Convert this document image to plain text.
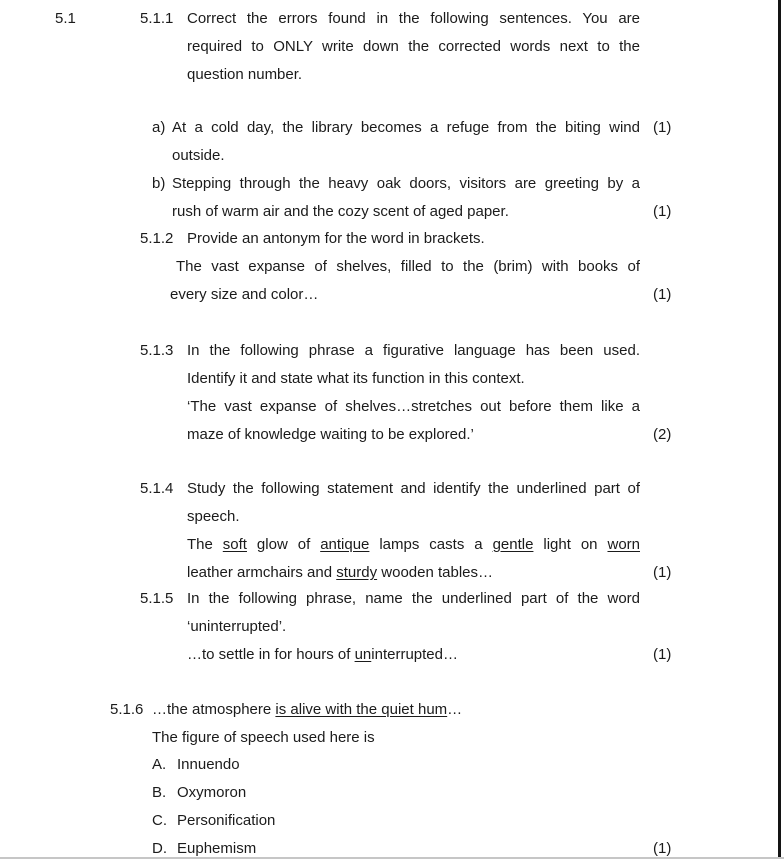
5.1	5.1.1 Correct the errors found in the following sentences. You are
required to ONLY write down the corrected words next to the
question number.
a) At a cold day, the library becomes a refuge from the biting wind (1)
outside.
b) Stepping through the heavy oak doors, visitors are greeting by a
rush of warm air and the cozy scent of aged paper.	(1)
5.1.2 Provide an antonym for the word in brackets.
The vast expanse of shelves, filled to the (brim) with books of
every size and color…	(1)
5.1.3 In the following phrase a figurative language has been used.
Identify it and state what its function in this context.
‘The vast expanse of shelves…stretches out before them like a
maze of knowledge waiting to be explored.’	(2)
5.1.4 Study the following statement and identify the underlined part of
speech.
The soft glow of antique lamps casts a gentle light on worn
leather armchairs and sturdy wooden tables…	(1)
5.1.5 In the following phrase, name the underlined part of the word
‘uninterrupted’.
…to settle in for hours of uninterrupted…	(1)
5.1.6 …the atmosphere is alive with the quiet hum…
The figure of speech used here is
A. Innuendo
B. Oxymoron
C. Personification
D. Euphemism	(1)
